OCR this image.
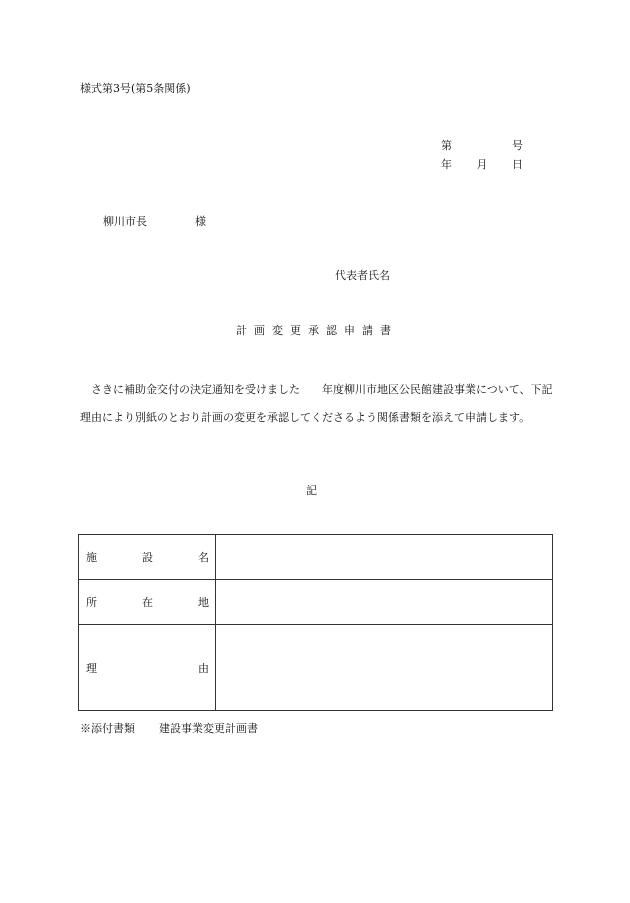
様式第3号(第5条関係)
第	号
年 月 日
柳川市長	様
代表者氏名
計画変更承認申請書
さきに補助金交付の決定通知を受けました　　年度柳川市地区公民館建設事業について、下記理由により別紙のとおり計画の変更を承認してくださるよう関係書類を添えて申請します。
記
施 設 名	

所 在 地	

理 由	

※添付書類 建設事業変更計画書
